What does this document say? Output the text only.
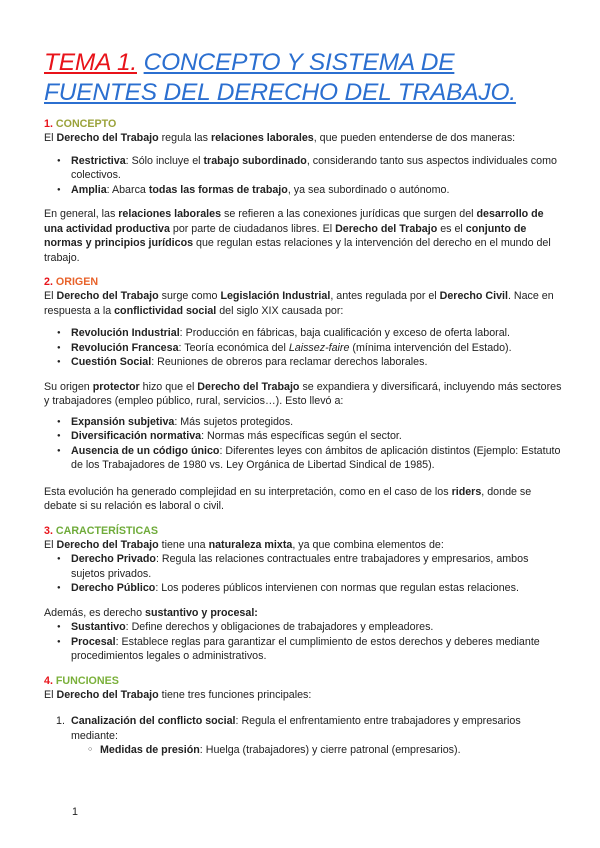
TEMA 1. CONCEPTO Y SISTEMA DE FUENTES DEL DERECHO DEL TRABAJO.
1. CONCEPTO

El Derecho del Trabajo regula las relaciones laborales, que pueden entenderse de dos maneras:

● Restrictiva: Sólo incluye el trabajo subordinado, considerando tanto sus aspectos individuales como colectivos.
● Amplia: Abarca todas las formas de trabajo, ya sea subordinado o autónomo.

En general, las relaciones laborales se refieren a las conexiones jurídicas que surgen del desarrollo de una actividad productiva por parte de ciudadanos libres. El Derecho del Trabajo es el conjunto de normas y principios jurídicos que regulan estas relaciones y la intervención del derecho en el mundo del trabajo.

2. ORIGEN

El Derecho del Trabajo surge como Legislación Industrial, antes regulada por el Derecho Civil. Nace en respuesta a la conflictividad social del siglo XIX causada por:

● Revolución Industrial: Producción en fábricas, baja cualificación y exceso de oferta laboral.
● Revolución Francesa: Teoría económica del Laissez-faire (mínima intervención del Estado).
● Cuestión Social: Reuniones de obreros para reclamar derechos laborales.

Su origen protector hizo que el Derecho del Trabajo se expandiera y diversificará, incluyendo más sectores y trabajadores (empleo público, rural, servicios…). Esto llevó a:

● Expansión subjetiva: Más sujetos protegidos.
● Diversificación normativa: Normas más específicas según el sector.
● Ausencia de un código único: Diferentes leyes con ámbitos de aplicación distintos (Ejemplo: Estatuto de los Trabajadores de 1980 vs. Ley Orgánica de Libertad Sindical de 1985).

Esta evolución ha generado complejidad en su interpretación, como en el caso de los riders, donde se debate si su relación es laboral o civil.

3. CARACTERÍSTICAS

El Derecho del Trabajo tiene una naturaleza mixta, ya que combina elementos de:

● Derecho Privado: Regula las relaciones contractuales entre trabajadores y empresarios, ambos sujetos privados.
● Derecho Público: Los poderes públicos intervienen con normas que regulan estas relaciones.

Además, es derecho sustantivo y procesal:

● Sustantivo: Define derechos y obligaciones de trabajadores y empleadores.
● Procesal: Establece reglas para garantizar el cumplimiento de estos derechos y deberes mediante procedimientos legales o administrativos.
4. FUNCIONES

El Derecho del Trabajo tiene tres funciones principales:

1. Canalización del conflicto social: Regula el enfrentamiento entre trabajadores y empresarios mediante:
○ Medidas de presión: Huelga (trabajadores) y cierre patronal (empresarios).
1
